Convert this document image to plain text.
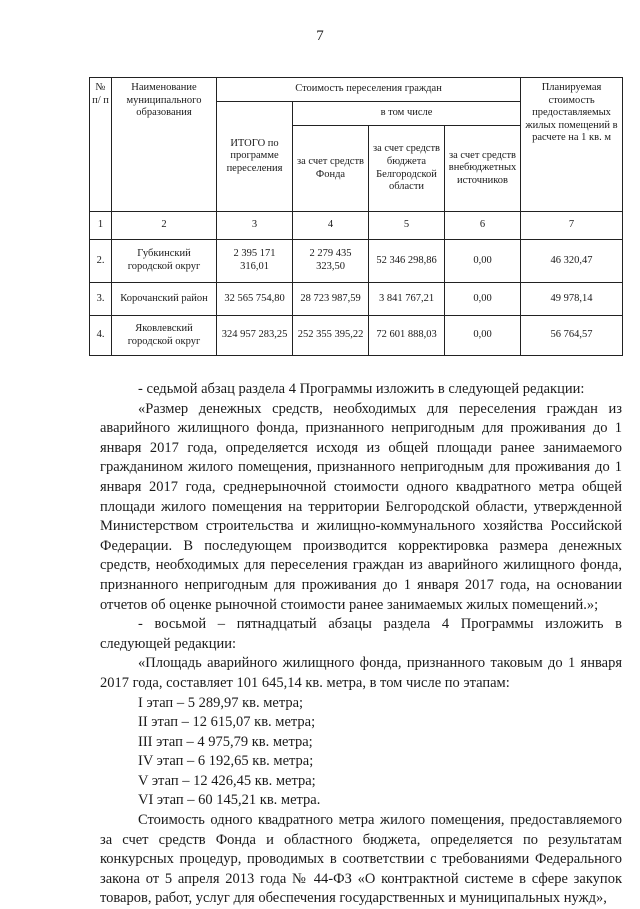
7
№ п/ п	Наименование муниципального образования	Стоимость переселения граждан				Планируемая стоимость предоставляемых жилых помещений в расчете на 1 кв. м
		ИТОГО по программе переселения	в том числе			
			за счет средств Фонда	за счет средств бюджета Белгородской области	за счет средств внебюджетных источников	
1	2	3	4	5	6	7
2.	Губкинский городской округ	2 395 171 316,01	2 279 435 323,50	52 346 298,86	0,00	46 320,47
3.	Корочанский район	32 565 754,80	28 723 987,59	3 841 767,21	0,00	49 978,14
4.	Яковлевский городской округ	324 957 283,25	252 355 395,22	72 601 888,03	0,00	56 764,57

- седьмой абзац раздела 4 Программы изложить в следующей редакции:

«Размер денежных средств, необходимых для переселения граждан из аварийного жилищного фонда, признанного непригодным для проживания до 1 января 2017 года, определяется исходя из общей площади ранее занимаемого гражданином жилого помещения, признанного непригодным для проживания до 1 января 2017 года, среднерыночной стоимости одного квадратного метра общей площади жилого помещения на территории Белгородской области, утвержденной Министерством строительства и жилищно-коммунального хозяйства Российской Федерации. В последующем производится корректировка размера денежных средств, необходимых для переселения граждан из аварийного жилищного фонда, признанного непригодным для проживания до 1 января 2017 года, на основании отчетов об оценке рыночной стоимости ранее занимаемых жилых помещений.»;

- восьмой – пятнадцатый абзацы раздела 4 Программы изложить в следующей редакции:

«Площадь аварийного жилищного фонда, признанного таковым до 1 января 2017 года, составляет 101 645,14 кв. метра, в том числе по этапам:

I этап – 5 289,97 кв. метра;

II этап – 12 615,07 кв. метра;

III этап – 4 975,79 кв. метра;

IV этап – 6 192,65 кв. метра;

V этап – 12 426,45 кв. метра;

VI этап – 60 145,21 кв. метра.

Стоимость одного квадратного метра жилого помещения, предоставляемого за счет средств Фонда и областного бюджета, определяется по результатам конкурсных процедур, проводимых в соответствии с требованиями Федерального закона от 5 апреля 2013 года № 44-ФЗ «О контрактной системе в сфере закупок товаров, работ, услуг для обеспечения государственных и муниципальных нужд»,
